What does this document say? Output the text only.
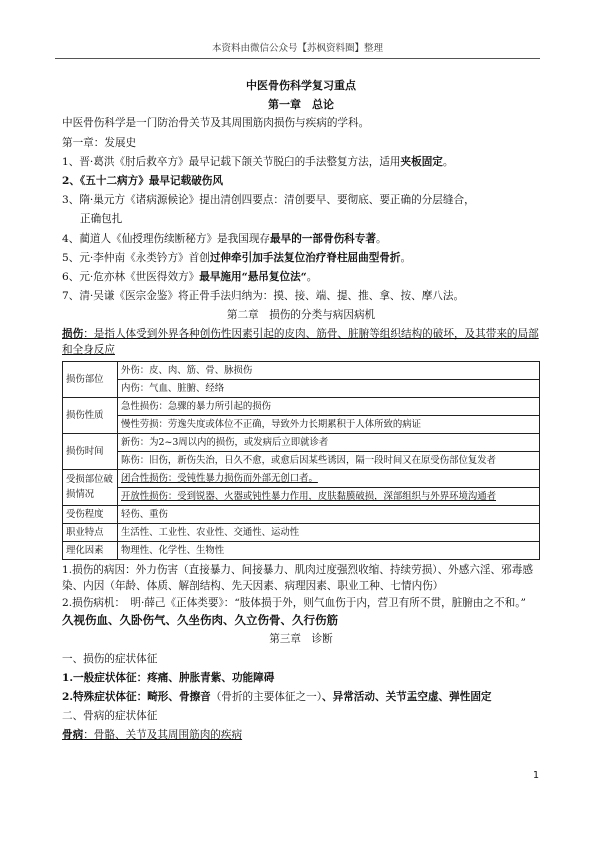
本资料由微信公众号【苏枫资料圈】整理
中医骨伤科学复习重点
第一章　总论
中医骨伤科学是一门防治骨关节及其周围筋肉损伤与疾病的学科。
第一章：发展史
1、晋·葛洪《肘后救卒方》最早记载下颌关节脱臼的手法整复方法，适用夹板固定。
2、《五十二病方》最早记载破伤风
3、隋·巢元方《诸病源候论》提出清创四要点：清创要早、要彻底、要正确的分层缝合，
正确包扎
4、蔺道人《仙授理伤续断秘方》是我国现存最早的一部骨伤科专著。
5、元·李仲南《永类钤方》首创过伸牵引加手法复位治疗脊柱屈曲型骨折。
6、元·危亦林《世医得效方》最早施用“悬吊复位法“。
7、清·吴谦《医宗金鉴》将正骨手法归纳为：摸、接、端、提、推、拿、按、摩八法。
第二章　损伤的分类与病因病机
损伤：是指人体受到外界各种创伤性因素引起的皮肉、筋骨、脏腑等组织结构的破坏，及其带来的局部和全身反应
损伤部位	外伤：皮、肉、筋、骨、脉损伤
	内伤：气血、脏腑、经络
损伤性质	急性损伤：急骤的暴力所引起的损伤
	慢性劳损：劳逸失度或体位不正确，导致外力长期累积于人体所致的病证
损伤时间	新伤：为2~3周以内的损伤，或发病后立即就诊者
	陈伤：旧伤，新伤失治，日久不愈，或愈后因某些诱因，隔一段时间又在原受伤部位复发者
受损部位破损情况	闭合性损伤：受钝性暴力损伤而外部无创口者。
	开放性损伤：受到锐器、火器或钝性暴力作用，皮肤黏膜破损，深部组织与外界环境沟通者
受伤程度	轻伤、重伤
职业特点	生活性、工业性、农业性、交通性、运动性
理化因素	物理性、化学性、生物性
1.损伤的病因：外力伤害（直接暴力、间接暴力、肌肉过度强烈收缩、持续劳损）、外感六淫、邪毒感染、内因（年龄、体质、解剖结构、先天因素、病理因素、职业工种、七情内伤）
2.损伤病机：　明·薛己《正体类要》：“肢体损于外，则气血伤于内，营卫有所不贯，脏腑由之不和。”
久视伤血、久卧伤气、久坐伤肉、久立伤骨、久行伤筋
第三章　诊断
一、损伤的症状体征
1.一般症状体征：疼痛、肿胀青紫、功能障碍
2.特殊症状体征：畸形、骨擦音（骨折的主要体征之一）、异常活动、关节盂空虚、弹性固定
二、骨病的症状体征
骨病：骨骼、关节及其周围筋肉的疾病
1
